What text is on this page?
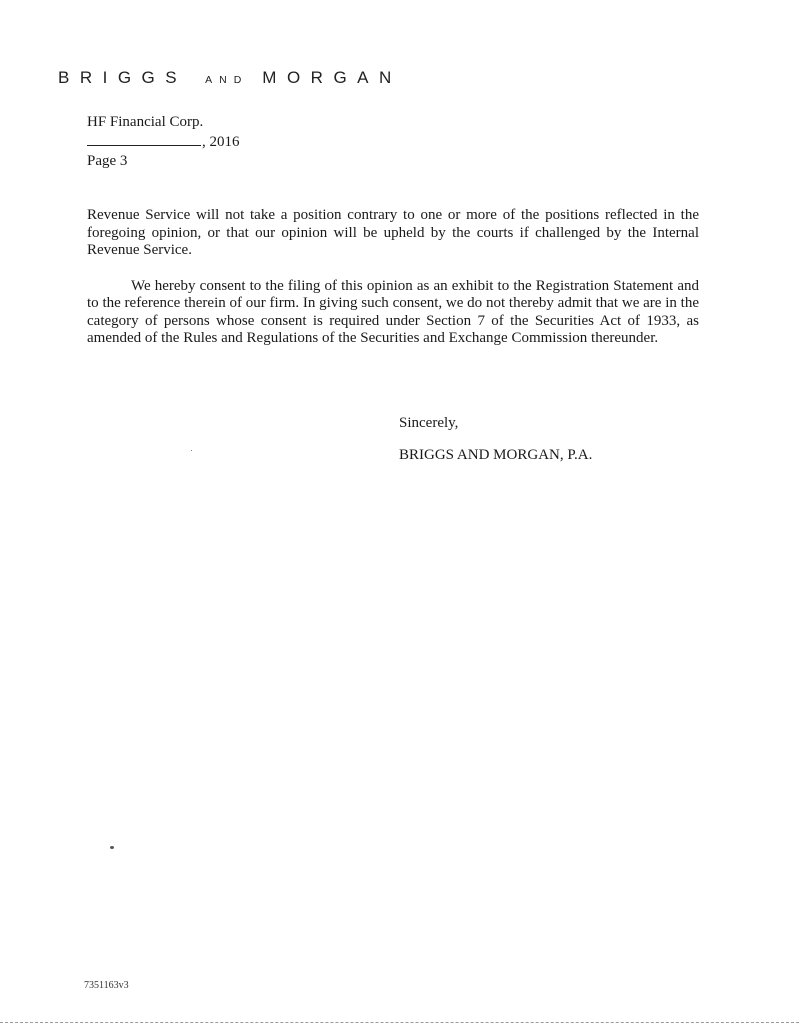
BRIGGS AND MORGAN
HF Financial Corp.
, 2016
Page 3

Revenue Service will not take a position contrary to one or more of the positions reflected in the foregoing opinion, or that our opinion will be upheld by the courts if challenged by the Internal Revenue Service.

We hereby consent to the filing of this opinion as an exhibit to the Registration Statement and to the reference therein of our firm. In giving such consent, we do not thereby admit that we are in the category of persons whose consent is required under Section 7 of the Securities Act of 1933, as amended of the Rules and Regulations of the Securities and Exchange Commission thereunder.

Sincerely,
BRIGGS AND MORGAN, P.A.
7351163v3
